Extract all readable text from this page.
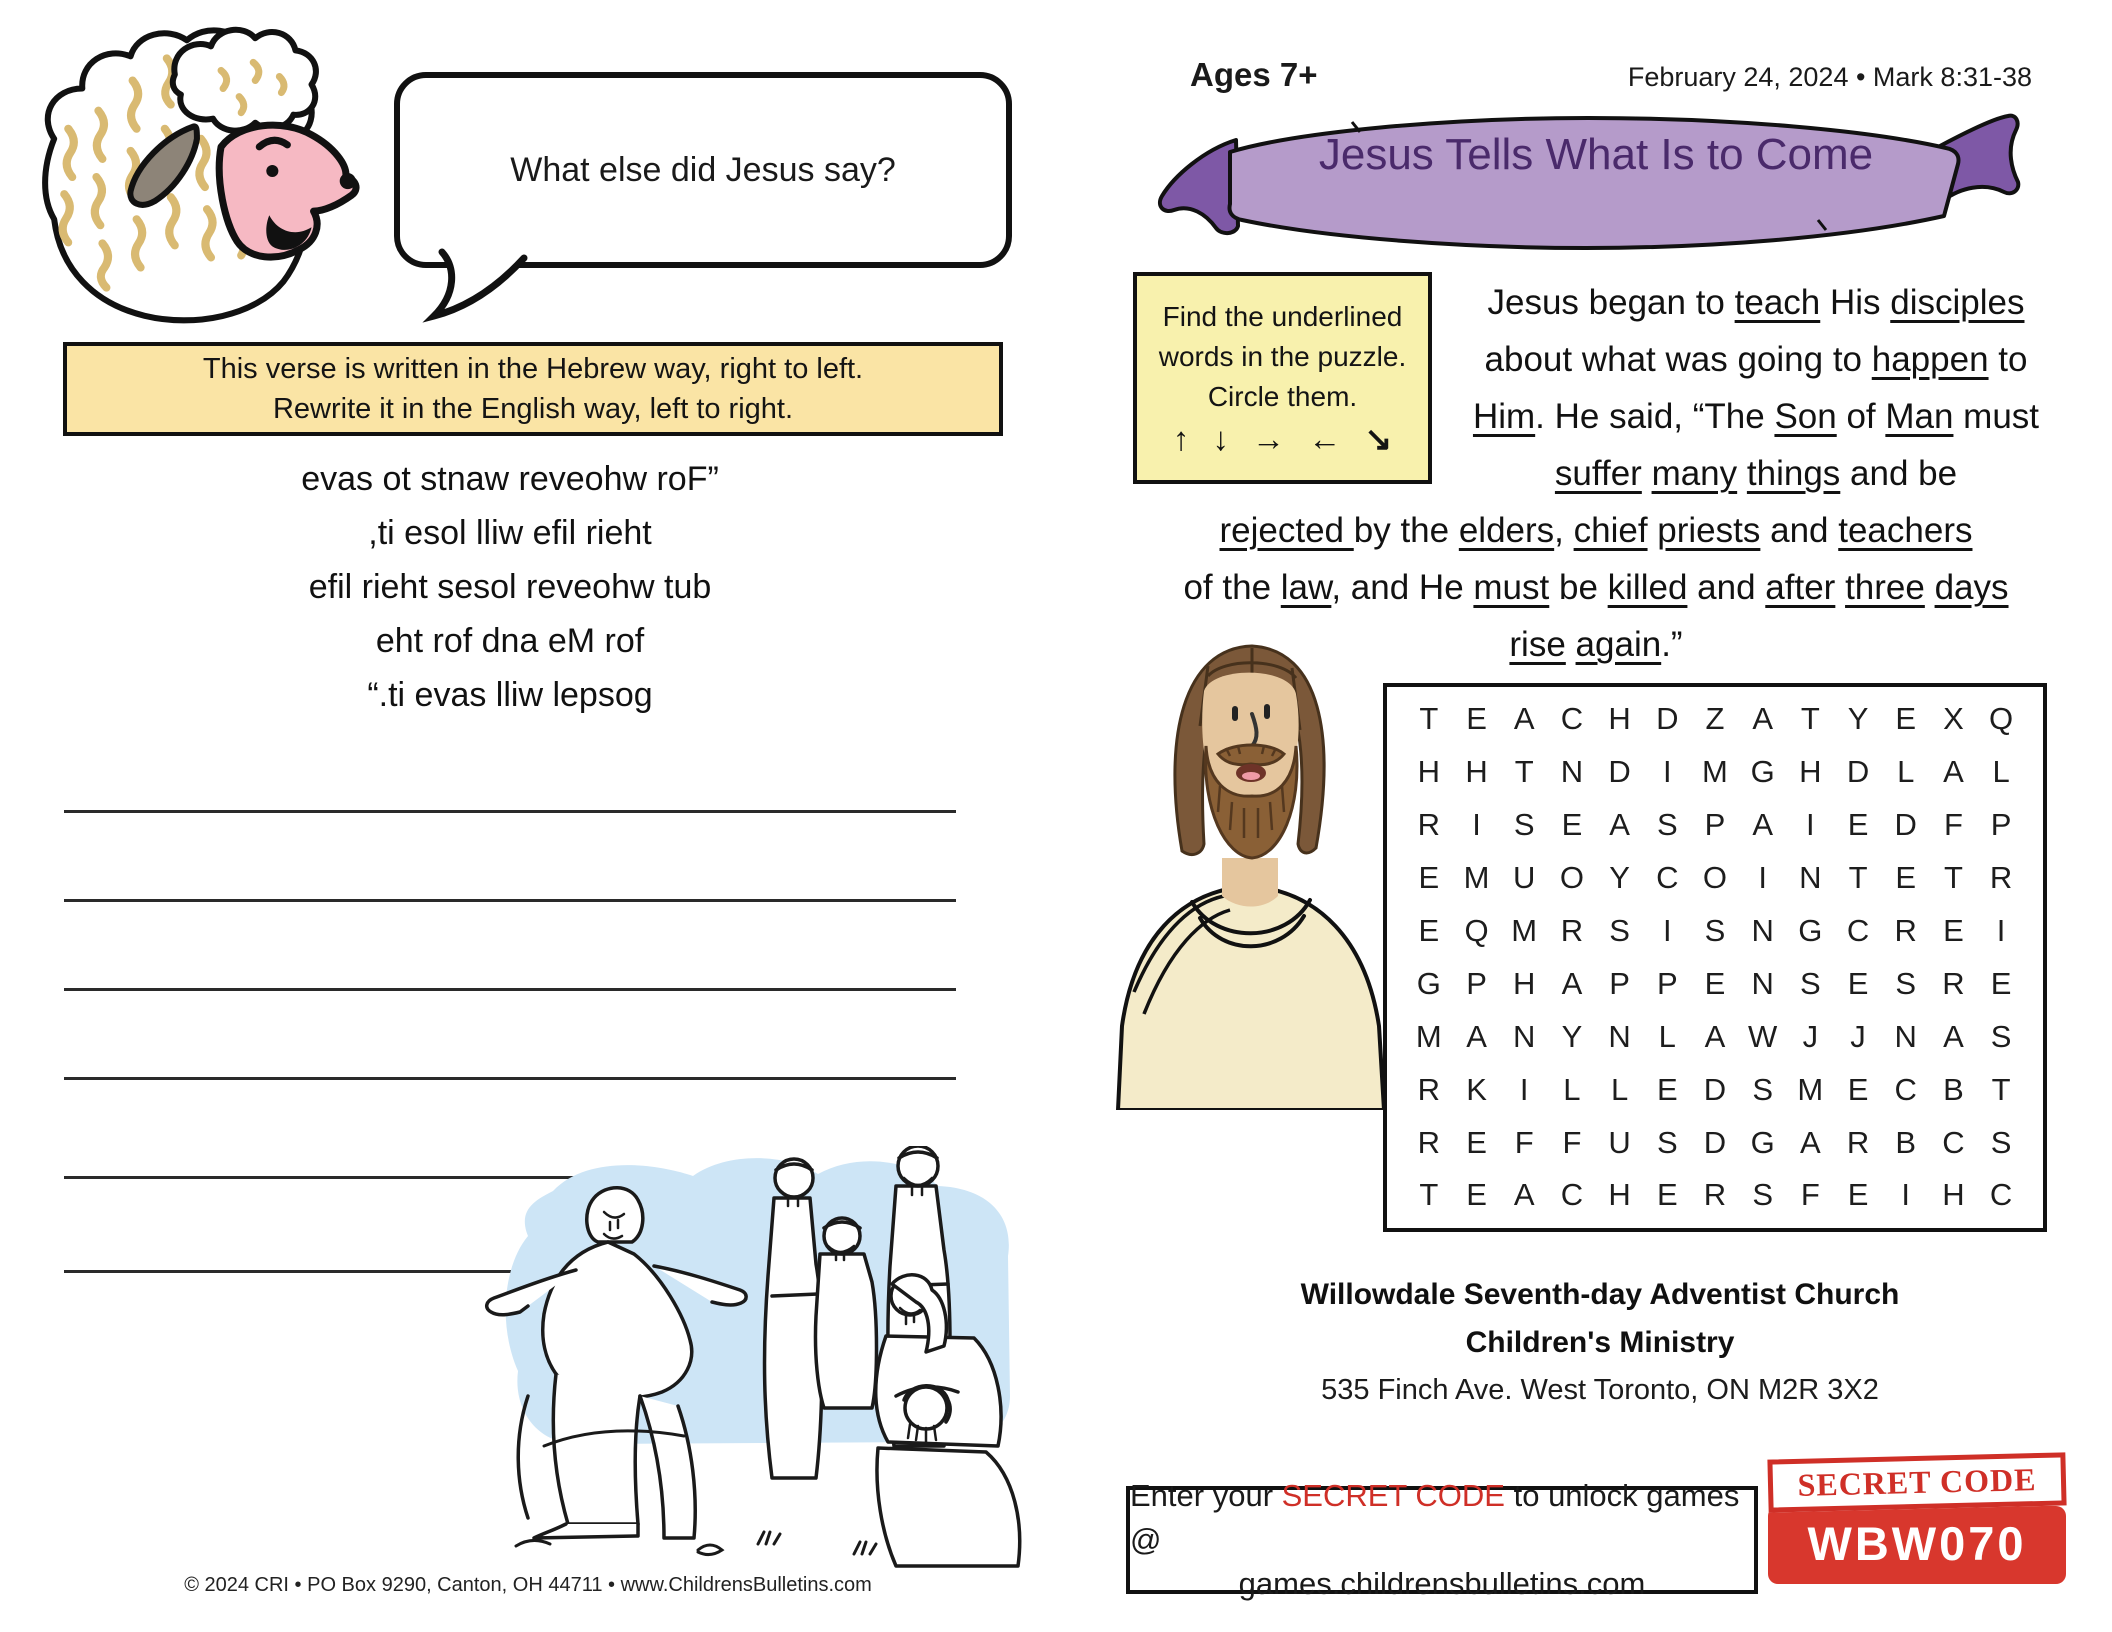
What else did Jesus say?
This verse is written in the Hebrew way, right to left.
Rewrite it in the English way, left to right.
evas ot stnaw reveohw roF”
,ti esol lliw efil rieht
efil rieht sesol reveohw tub
eht rof dna eM rof
“.ti evas lliw lepsog
© 2024 CRI • PO Box 9290, Canton, OH 44711 • www.ChildrensBulletins.com
Ages 7+	February 24, 2024 • Mark 8:31-38
Jesus Tells What Is to Come
Find the underlined
words in the puzzle.
Circle them.
↑ ↓ → ← ↘
Jesus began to teach His disciples
about what was going to happen to
Him. He said, “The Son of Man must
suffer many things and be
rejected by the elders, chief priests and teachers
of the law, and He must be killed and after three days
rise again.”
T E A C H D Z A T Y E X Q
H H T N D	I M G H D L A L
R	I	S E A S P A	I	E D F P
E M U O Y C O	I	N T E T R
E Q M R S	I	S N G C R E	I
G P H A P P E N S E S R E
M A N Y N L A W J	J N A S
R K	I	L L E D S M E C B T
R E F F U S D G A R B C S
T E A C H E R S F E	I	H C
Willowdale Seventh-day Adventist Church
Children's Ministry
535 Finch Ave. West Toronto, ON M2R 3X2
Enter your SECRET CODE to unlock games @
games.childrensbulletins.com
SECRET CODE
WBW070
